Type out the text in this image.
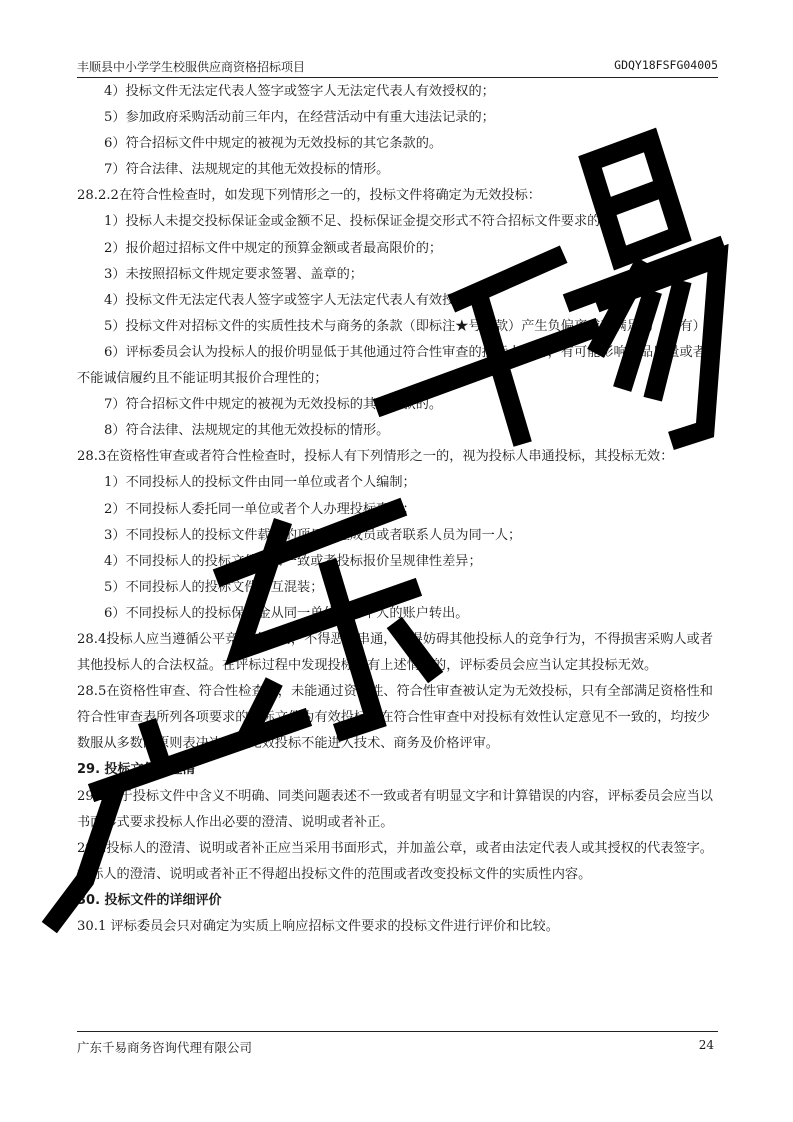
丰顺县中小学学生校服供应商资格招标项目	GDQY18FSFG04005

4）投标文件无法定代表人签字或签字人无法定代表人有效授权的；

5）参加政府采购活动前三年内，在经营活动中有重大违法记录的；

6）符合招标文件中规定的被视为无效投标的其它条款的。

7）符合法律、法规规定的其他无效投标的情形。

28.2.2在符合性检查时，如发现下列情形之一的，投标文件将确定为无效投标：

1）投标人未提交投标保证金或金额不足、投标保证金提交形式不符合招标文件要求的；

2）报价超过招标文件中规定的预算金额或者最高限价的；

3）未按照招标文件规定要求签署、盖章的；

4）投标文件无法定代表人签字或签字人无法定代表人有效授权的；

5）投标文件对招标文件的实质性技术与商务的条款（即标注★号条款）产生负偏离或不满足的（如有）

6）评标委员会认为投标人的报价明显低于其他通过符合性审查的投标人报价，有可能影响产品质量或者不能诚信履约且不能证明其报价合理性的；

7）符合招标文件中规定的被视为无效投标的其它条款的。

8）符合法律、法规规定的其他无效投标的情形。

28.3在资格性审查或者符合性检查时，投标人有下列情形之一的，视为投标人串通投标，其投标无效：

1）不同投标人的投标文件由同一单位或者个人编制；

2）不同投标人委托同一单位或者个人办理投标事宜；

3）不同投标人的投标文件载明的项目管理成员或者联系人员为同一人；

4）不同投标人的投标文件异常一致或者投标报价呈规律性差异；

5）不同投标人的投标文件相互混装；

6）不同投标人的投标保证金从同一单位或者个人的账户转出。

28.4投标人应当遵循公平竞争的原则，不得恶意串通，不得妨碍其他投标人的竞争行为，不得损害采购人或者其他投标人的合法权益。在评标过程中发现投标人有上述情形的，评标委员会应当认定其投标无效。

28.5在资格性审查、符合性检查时，未能通过资格性、符合性审查被认定为无效投标，只有全部满足资格性和符合性审查表所列各项要求的投标文件为有效投标。在符合性审查中对投标有效性认定意见不一致的，均按少数服从多数的原则表决决定。无效投标不能进入技术、商务及价格评审。

29. 投标文件的澄清

29.1对于投标文件中含义不明确、同类问题表述不一致或者有明显文字和计算错误的内容，评标委员会应当以书面形式要求投标人作出必要的澄清、说明或者补正。

29.2投标人的澄清、说明或者补正应当采用书面形式，并加盖公章，或者由法定代表人或其授权的代表签字。投标人的澄清、说明或者补正不得超出投标文件的范围或者改变投标文件的实质性内容。

30. 投标文件的详细评价

30.1 评标委员会只对确定为实质上响应招标文件要求的投标文件进行评价和比较。

广东千易商务咨询代理有限公司	24
